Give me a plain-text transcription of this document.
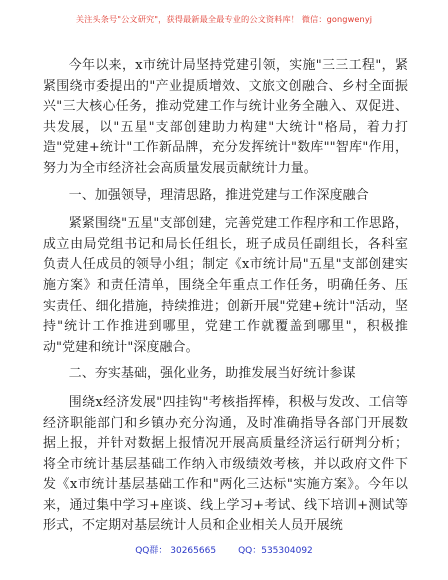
关注头条号"公文研究"，获得最新最全最专业的公文资料库！ 微信：gongwenyj

今年以来，x市统计局坚持党建引领，实施"三三工程"，紧紧围绕市委提出的"产业提质增效、文旅文创融合、乡村全面振兴"三大核心任务，推动党建工作与统计业务全融入、双促进、共发展，以"五星"支部创建助力构建"大统计"格局，着力打造"党建+统计"工作新品牌，充分发挥统计"数库""智库"作用，努力为全市经济社会高质量发展贡献统计力量。

一、加强领导，理清思路，推进党建与工作深度融合

紧紧围绕"五星"支部创建，完善党建工作程序和工作思路，成立由局党组书记和局长任组长，班子成员任副组长，各科室负责人任成员的领导小组；制定《x市统计局"五星"支部创建实施方案》和责任清单，围绕全年重点工作任务，明确任务、压实责任、细化措施，持续推进；创新开展"党建+统计"活动，坚持"统计工作推进到哪里，党建工作就覆盖到哪里"，积极推动"党建和统计"深度融合。

二、夯实基础，强化业务，助推发展当好统计参谋

围绕x经济发展"四挂钩"考核指挥棒，积极与发改、工信等经济职能部门和乡镇办充分沟通，及时准确指导各部门开展数据上报，并针对数据上报情况开展高质量经济运行研判分析；将全市统计基层基础工作纳入市级绩效考核，并以政府文件下发《x市统计基层基础工作和"两化三达标"实施方案》。今年以来，通过集中学习+座谈、线上学习+考试、线下培训+测试等形式，不定期对基层统计人员和企业相关人员开展统

QQ群： 30265665 QQ：535304092
